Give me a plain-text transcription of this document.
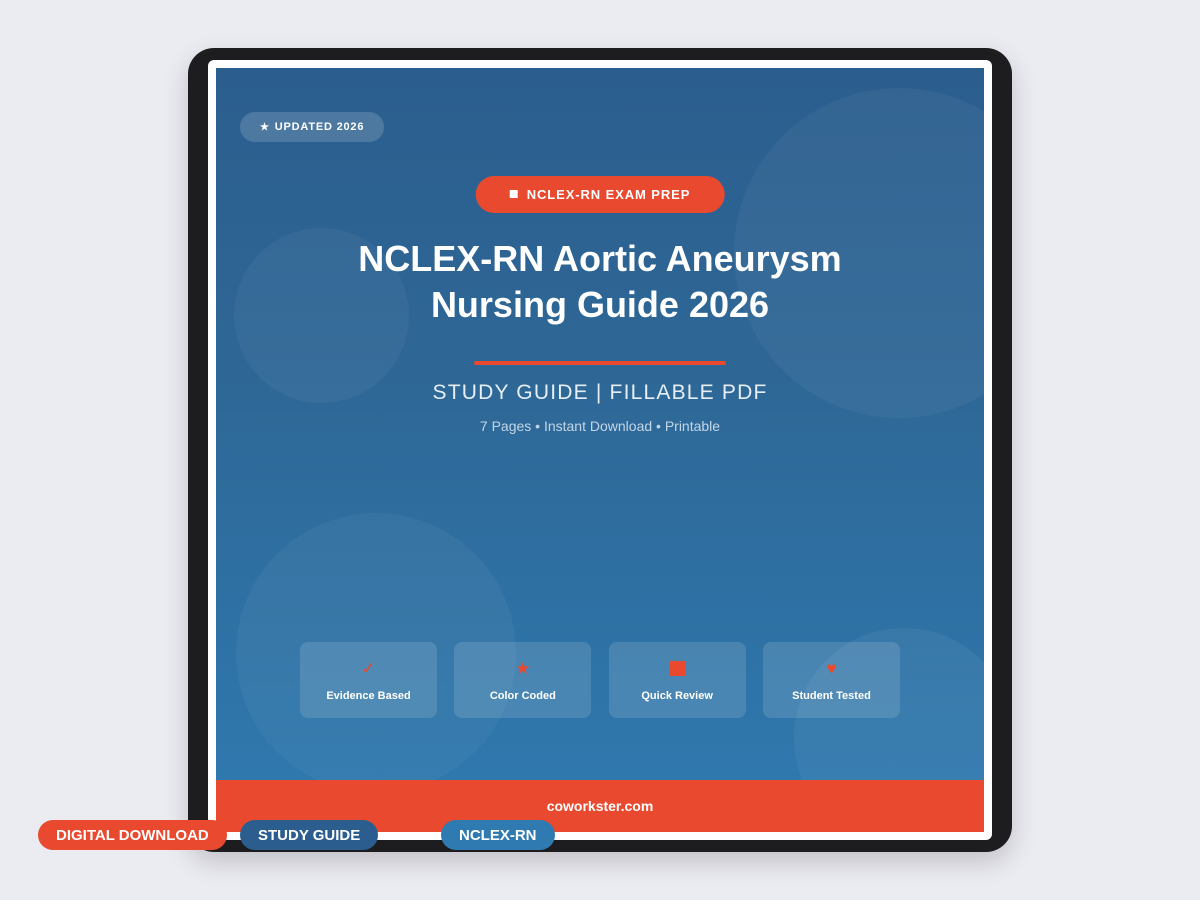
★ UPDATED 2026
NCLEX-RN EXAM PREP
NCLEX-RN Aortic Aneurysm
Nursing Guide 2026
STUDY GUIDE | FILLABLE PDF
7 Pages • Instant Download • Printable
✓
Evidence Based
★
Color Coded	Quick Review
♥
Student Tested
coworkster.com
DIGITAL DOWNLOAD	STUDY GUIDE	NCLEX-RN
